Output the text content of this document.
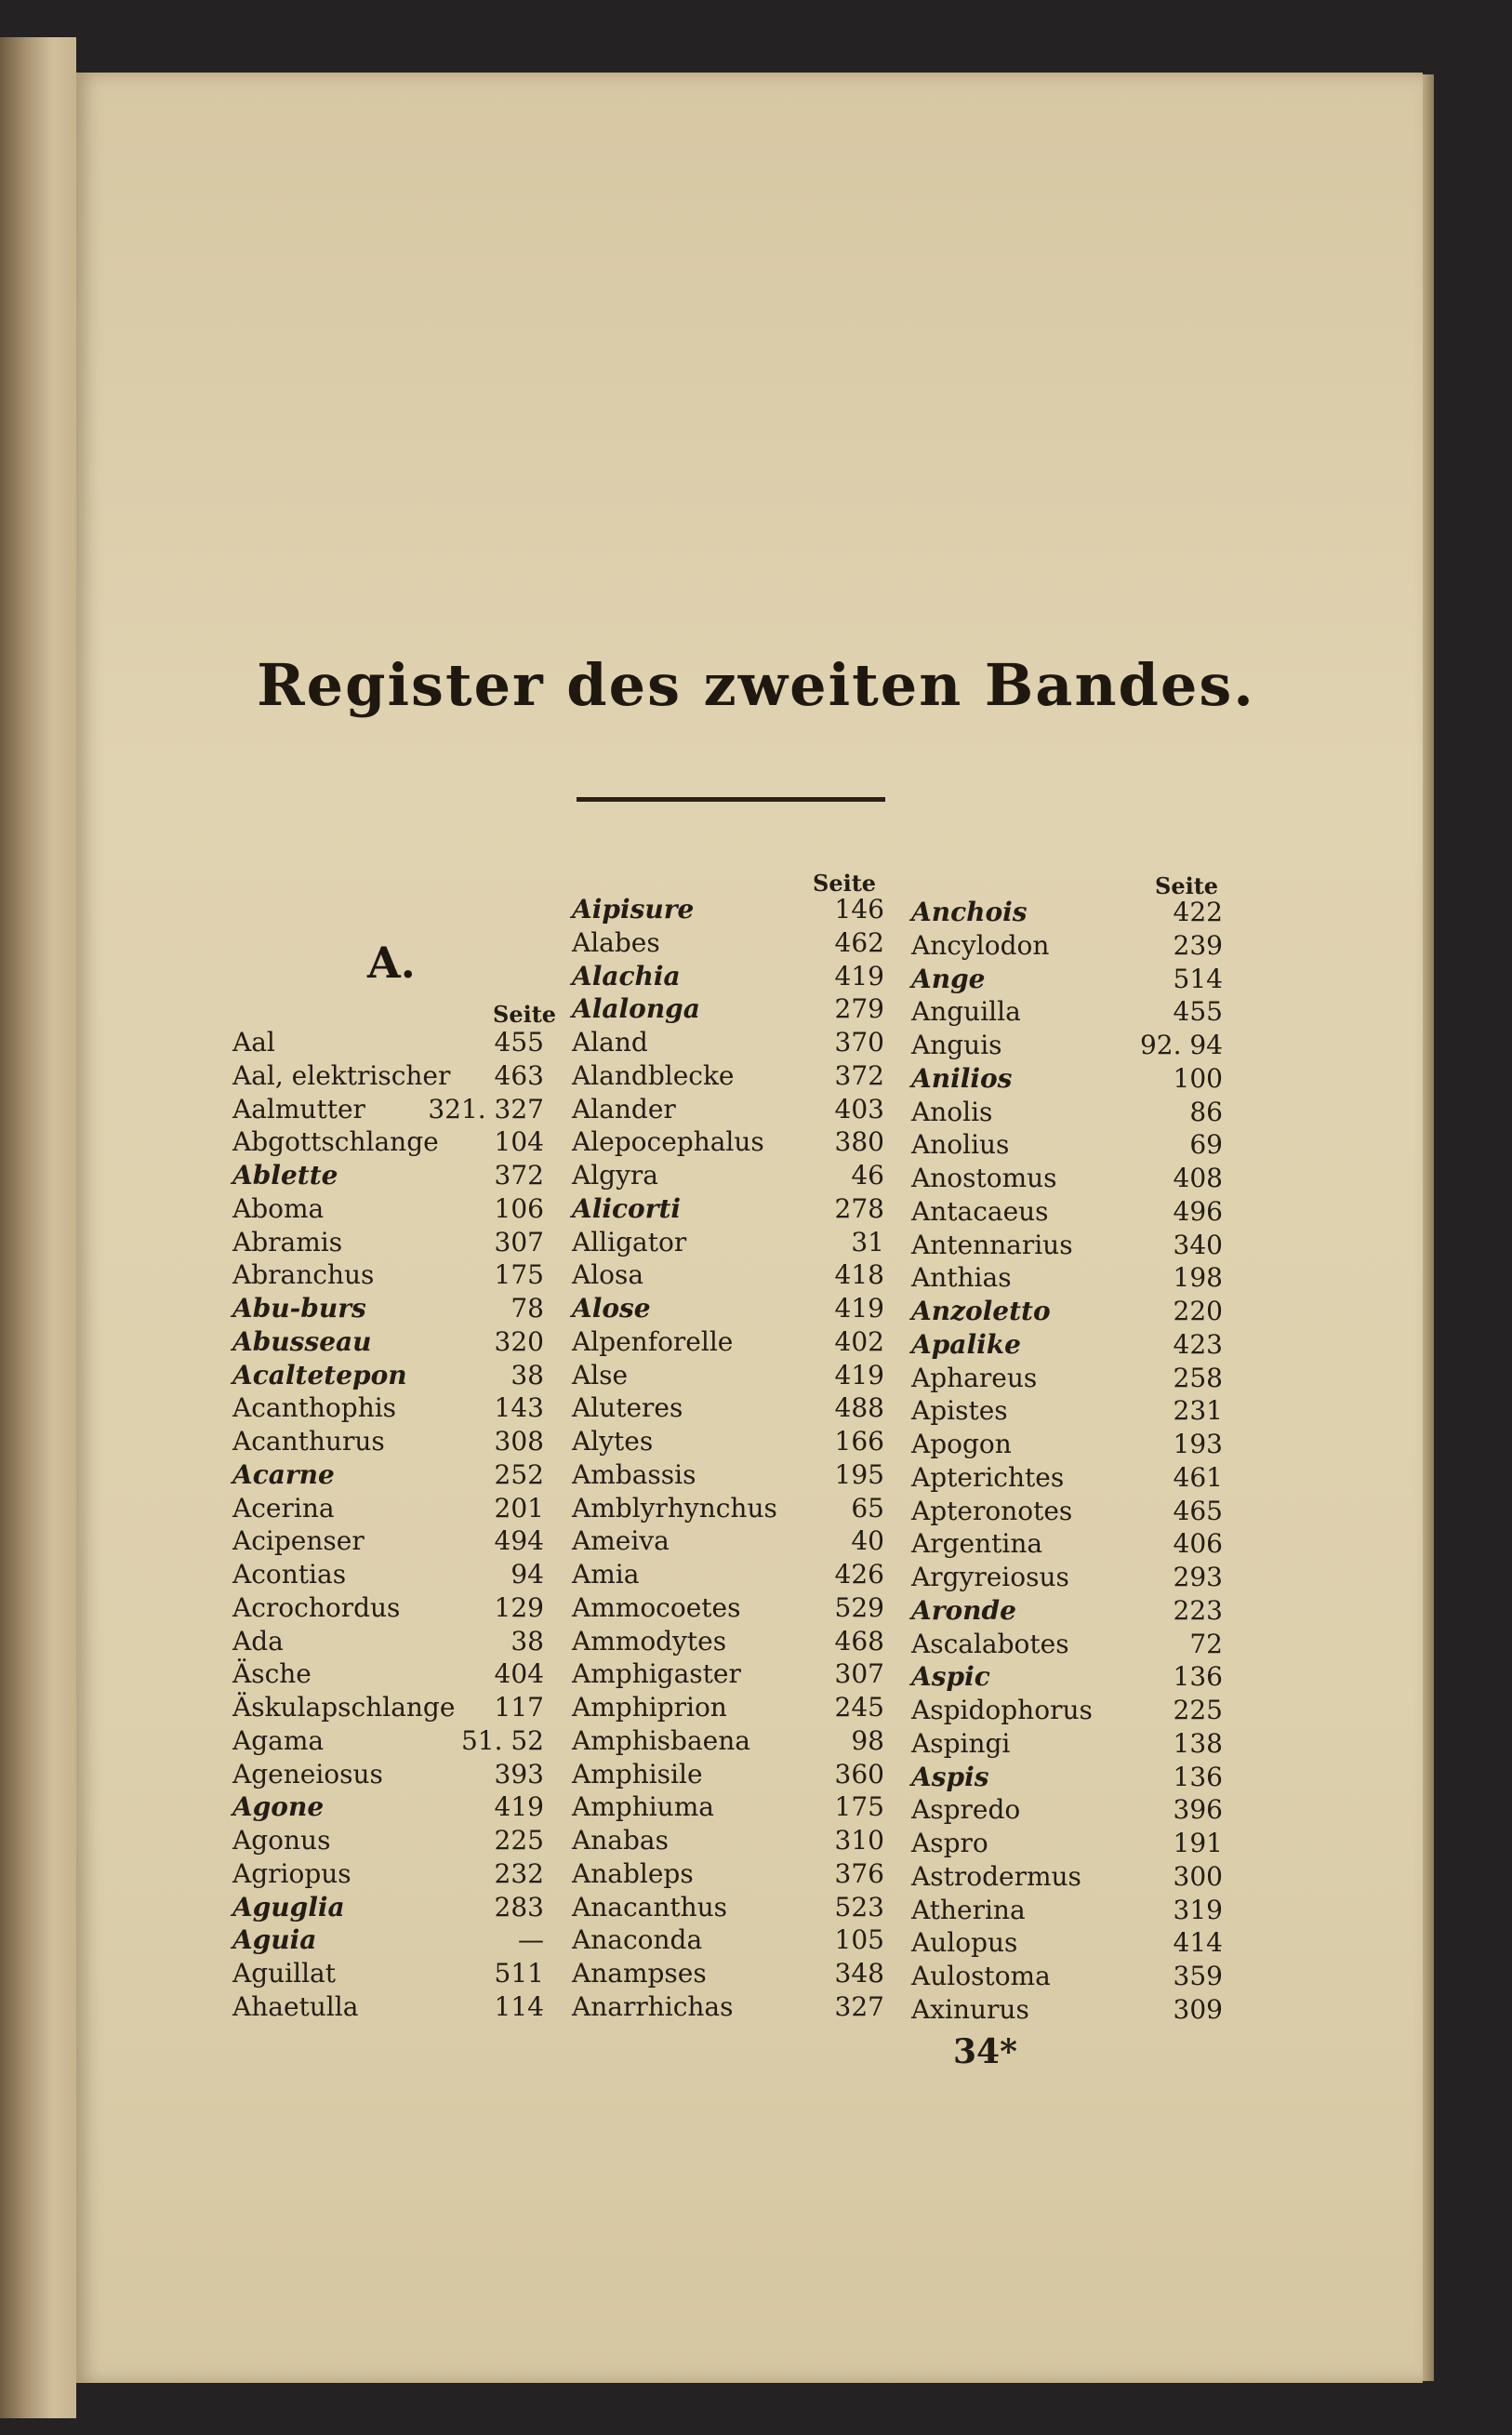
Register des zweiten Bandes.
A.
Seite
Seite	Seite
Aal	455
Aal, elektrischer 463
Aalmutter 321. 327
Abgottschlange 104
Ablette	372
Aboma	106
Abramis	307
Abranchus	175
Abu-burs	78
Abusseau	320
Acaltetepon	38
Acanthophis	143
Acanthurus	308
Acarne	252
Acerina	201
Acipenser	494
Acontias	94
Acrochordus	129
Ada	38
Äsche	404
Äskulapschlange 117
Agama	51. 52
Ageneiosus	393
Agone	419
Agonus	225
Agriopus	232
Aguglia	283
Aguia	—
Aguillat	511
Ahaetulla	114
Aipisure	146
Alabes	462
Alachia	419
Alalonga	279
Aland	370
Alandblecke	372
Alander	403
Alepocephalus	380
Algyra	46
Alicorti	278
Alligator	31
Alosa	418
Alose	419
Alpenforelle	402
Alse	419
Aluteres	488
Alytes	166
Ambassis	195
Amblyrhynchus	65
Ameiva	40
Amia	426
Ammocoetes	529
Ammodytes	468
Amphigaster	307
Amphiprion	245
Amphisbaena	98
Amphisile	360
Amphiuma	175
Anabas	310
Anableps	376
Anacanthus	523
Anaconda	105
Anampses	348
Anarrhichas	327
Anchois	422
Ancylodon	239
Ange	514
Anguilla	455
Anguis	92. 94
Anilios	100
Anolis	86
Anolius	69
Anostomus	408
Antacaeus	496
Antennarius	340
Anthias	198
Anzoletto	220
Apalike	423
Aphareus	258
Apistes	231
Apogon	193
Apterichtes	461
Apteronotes	465
Argentina	406
Argyreiosus	293
Aronde	223
Ascalabotes	72
Aspic	136
Aspidophorus	225
Aspingi	138
Aspis	136
Aspredo	396
Aspro	191
Astrodermus	300
Atherina	319
Aulopus	414
Aulostoma	359
Axinurus	309
34*
